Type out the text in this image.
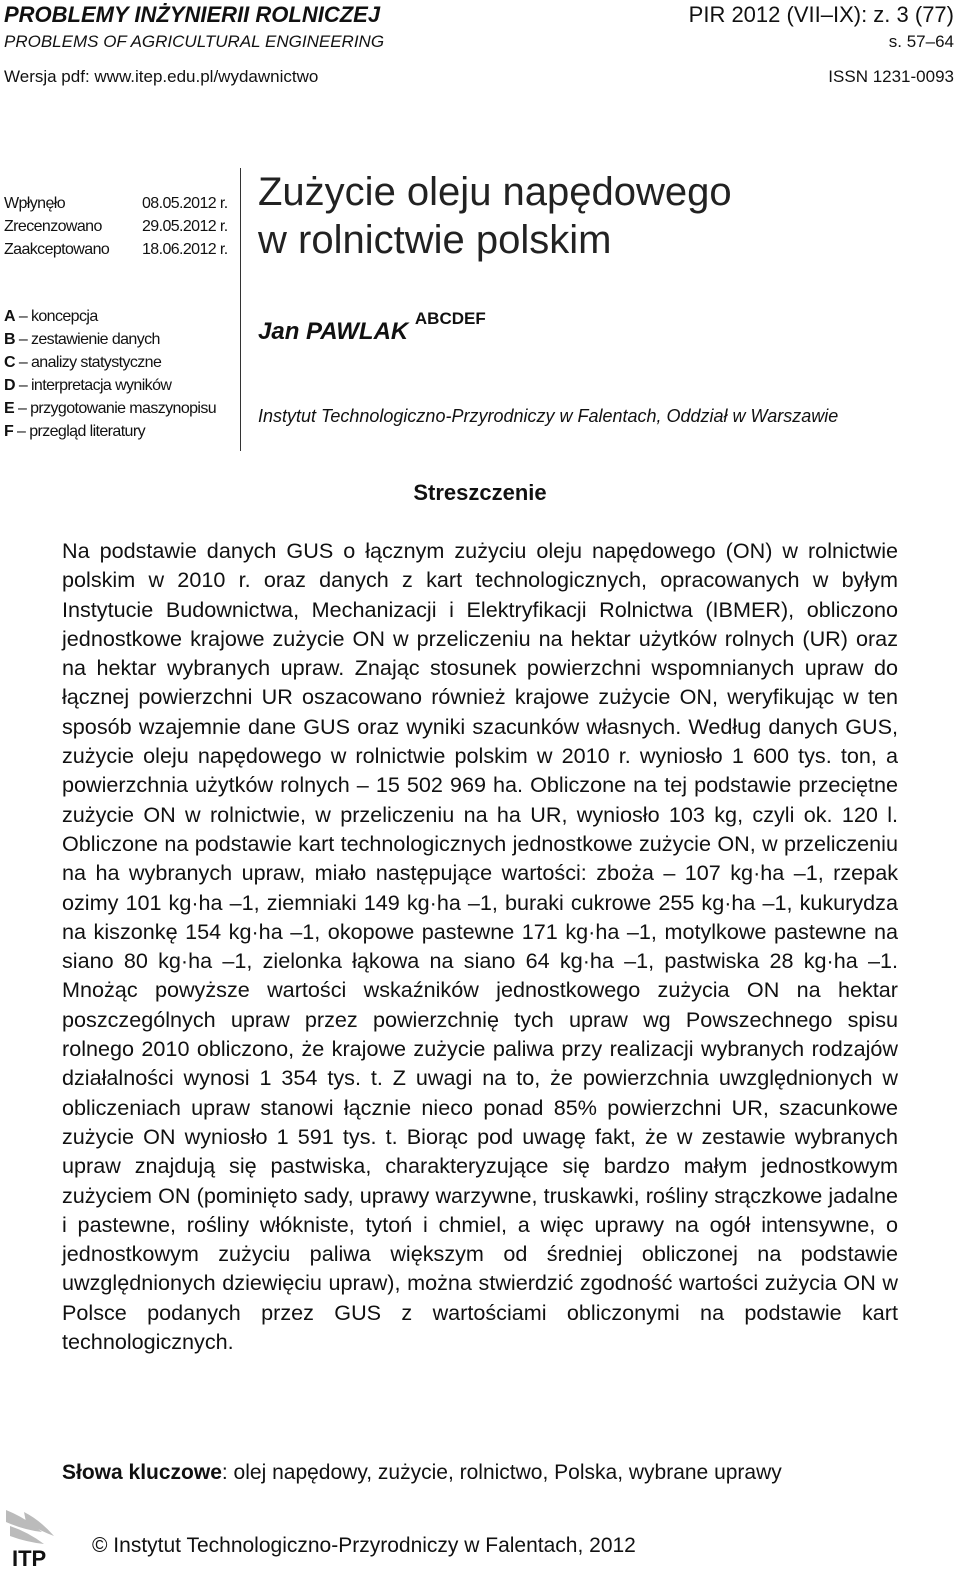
PROBLEMY INŻYNIERII ROLNICZEJ
PROBLEMS OF AGRICULTURAL ENGINEERING
PIR 2012 (VII–IX): z. 3 (77)
s. 57–64
Wersja pdf: www.itep.edu.pl/wydawnictwo	ISSN 1231-0093
Wpłynęło	08.05.2012 r.
Zrecenzowano	29.05.2012 r.
Zaakceptowano 18.06.2012 r.
Zużycie oleju napędowego
w rolnictwie polskim
A – koncepcja
B – zestawienie danych
C – analizy statystyczne
D – interpretacja wyników
E – przygotowanie maszynopisu
F – przegląd literatury
Jan PAWLAK $^{ABCDEF}$
Instytut Technologiczno-Przyrodniczy w Falentach, Oddział w Warszawie
Streszczenie
Na podstawie danych GUS o łącznym zużyciu oleju napędowego (ON) w rolnictwie polskim w 2010 r. oraz danych z kart technologicznych, opracowanych w byłym Instytucie Budownictwa, Mechanizacji i Elektryfikacji Rolnictwa (IBMER), obliczono jednostkowe krajowe zużycie ON w przeliczeniu na hektar użytków rolnych (UR) oraz na hektar wybranych upraw. Znając stosunek powierzchni wspomnianych upraw do łącznej powierzchni UR oszacowano również krajowe zużycie ON, weryfikując w ten sposób wzajemnie dane GUS oraz wyniki szacunków własnych. Według danych GUS, zużycie oleju napędowego w rolnictwie polskim w 2010 r. wyniosło 1 600 tys. ton, a powierzchnia użytków rolnych – 15 502 969 ha. Obliczone na tej podstawie przeciętne zużycie ON w rolnictwie, w przeliczeniu na ha UR, wyniosło 103 kg, czyli ok. 120 l. Obliczone na podstawie kart technologicznych jednostkowe zużycie ON, w przeliczeniu na ha wybranych upraw, miało następujące wartości: zboża – 107 kg·ha –1, rzepak ozimy 101 kg·ha –1, ziemniaki 149 kg·ha –1, buraki cukrowe 255 kg·ha –1, kukurydza na kiszonkę 154 kg·ha –1, okopowe pastewne 171 kg·ha –1, motylkowe pastewne na siano 80 kg·ha –1, zielonka łąkowa na siano 64 kg·ha –1, pastwiska 28 kg·ha –1. Mnożąc powyższe wartości wskaźników jednostkowego zużycia ON na hektar poszczególnych upraw przez powierzchnię tych upraw wg Powszechnego spisu rolnego 2010 obliczono, że krajowe zużycie paliwa przy realizacji wybranych rodzajów działalności wynosi 1 354 tys. t. Z uwagi na to, że powierzchnia uwzględnionych w obliczeniach upraw stanowi łącznie nieco ponad 85% powierzchni UR, szacunkowe zużycie ON wyniosło 1 591 tys. t. Biorąc pod uwagę fakt, że w zestawie wybranych upraw znajdują się pastwiska, charakteryzujące się bardzo małym jednostkowym zużyciem ON (pominięto sady, uprawy warzywne, truskawki, rośliny strączkowe jadalne i pastewne, rośliny włókniste, tytoń i chmiel, a więc uprawy na ogół intensywne, o jednostkowym zużyciu paliwa większym od średniej obliczonej na podstawie uwzględnionych dziewięciu upraw), można stwierdzić zgodność wartości zużycia ON w Polsce podanych przez GUS z wartościami obliczonymi na podstawie kart technologicznych.
Słowa kluczowe: olej napędowy, zużycie, rolnictwo, Polska, wybrane uprawy
ITP
© Instytut Technologiczno-Przyrodniczy w Falentach, 2012
